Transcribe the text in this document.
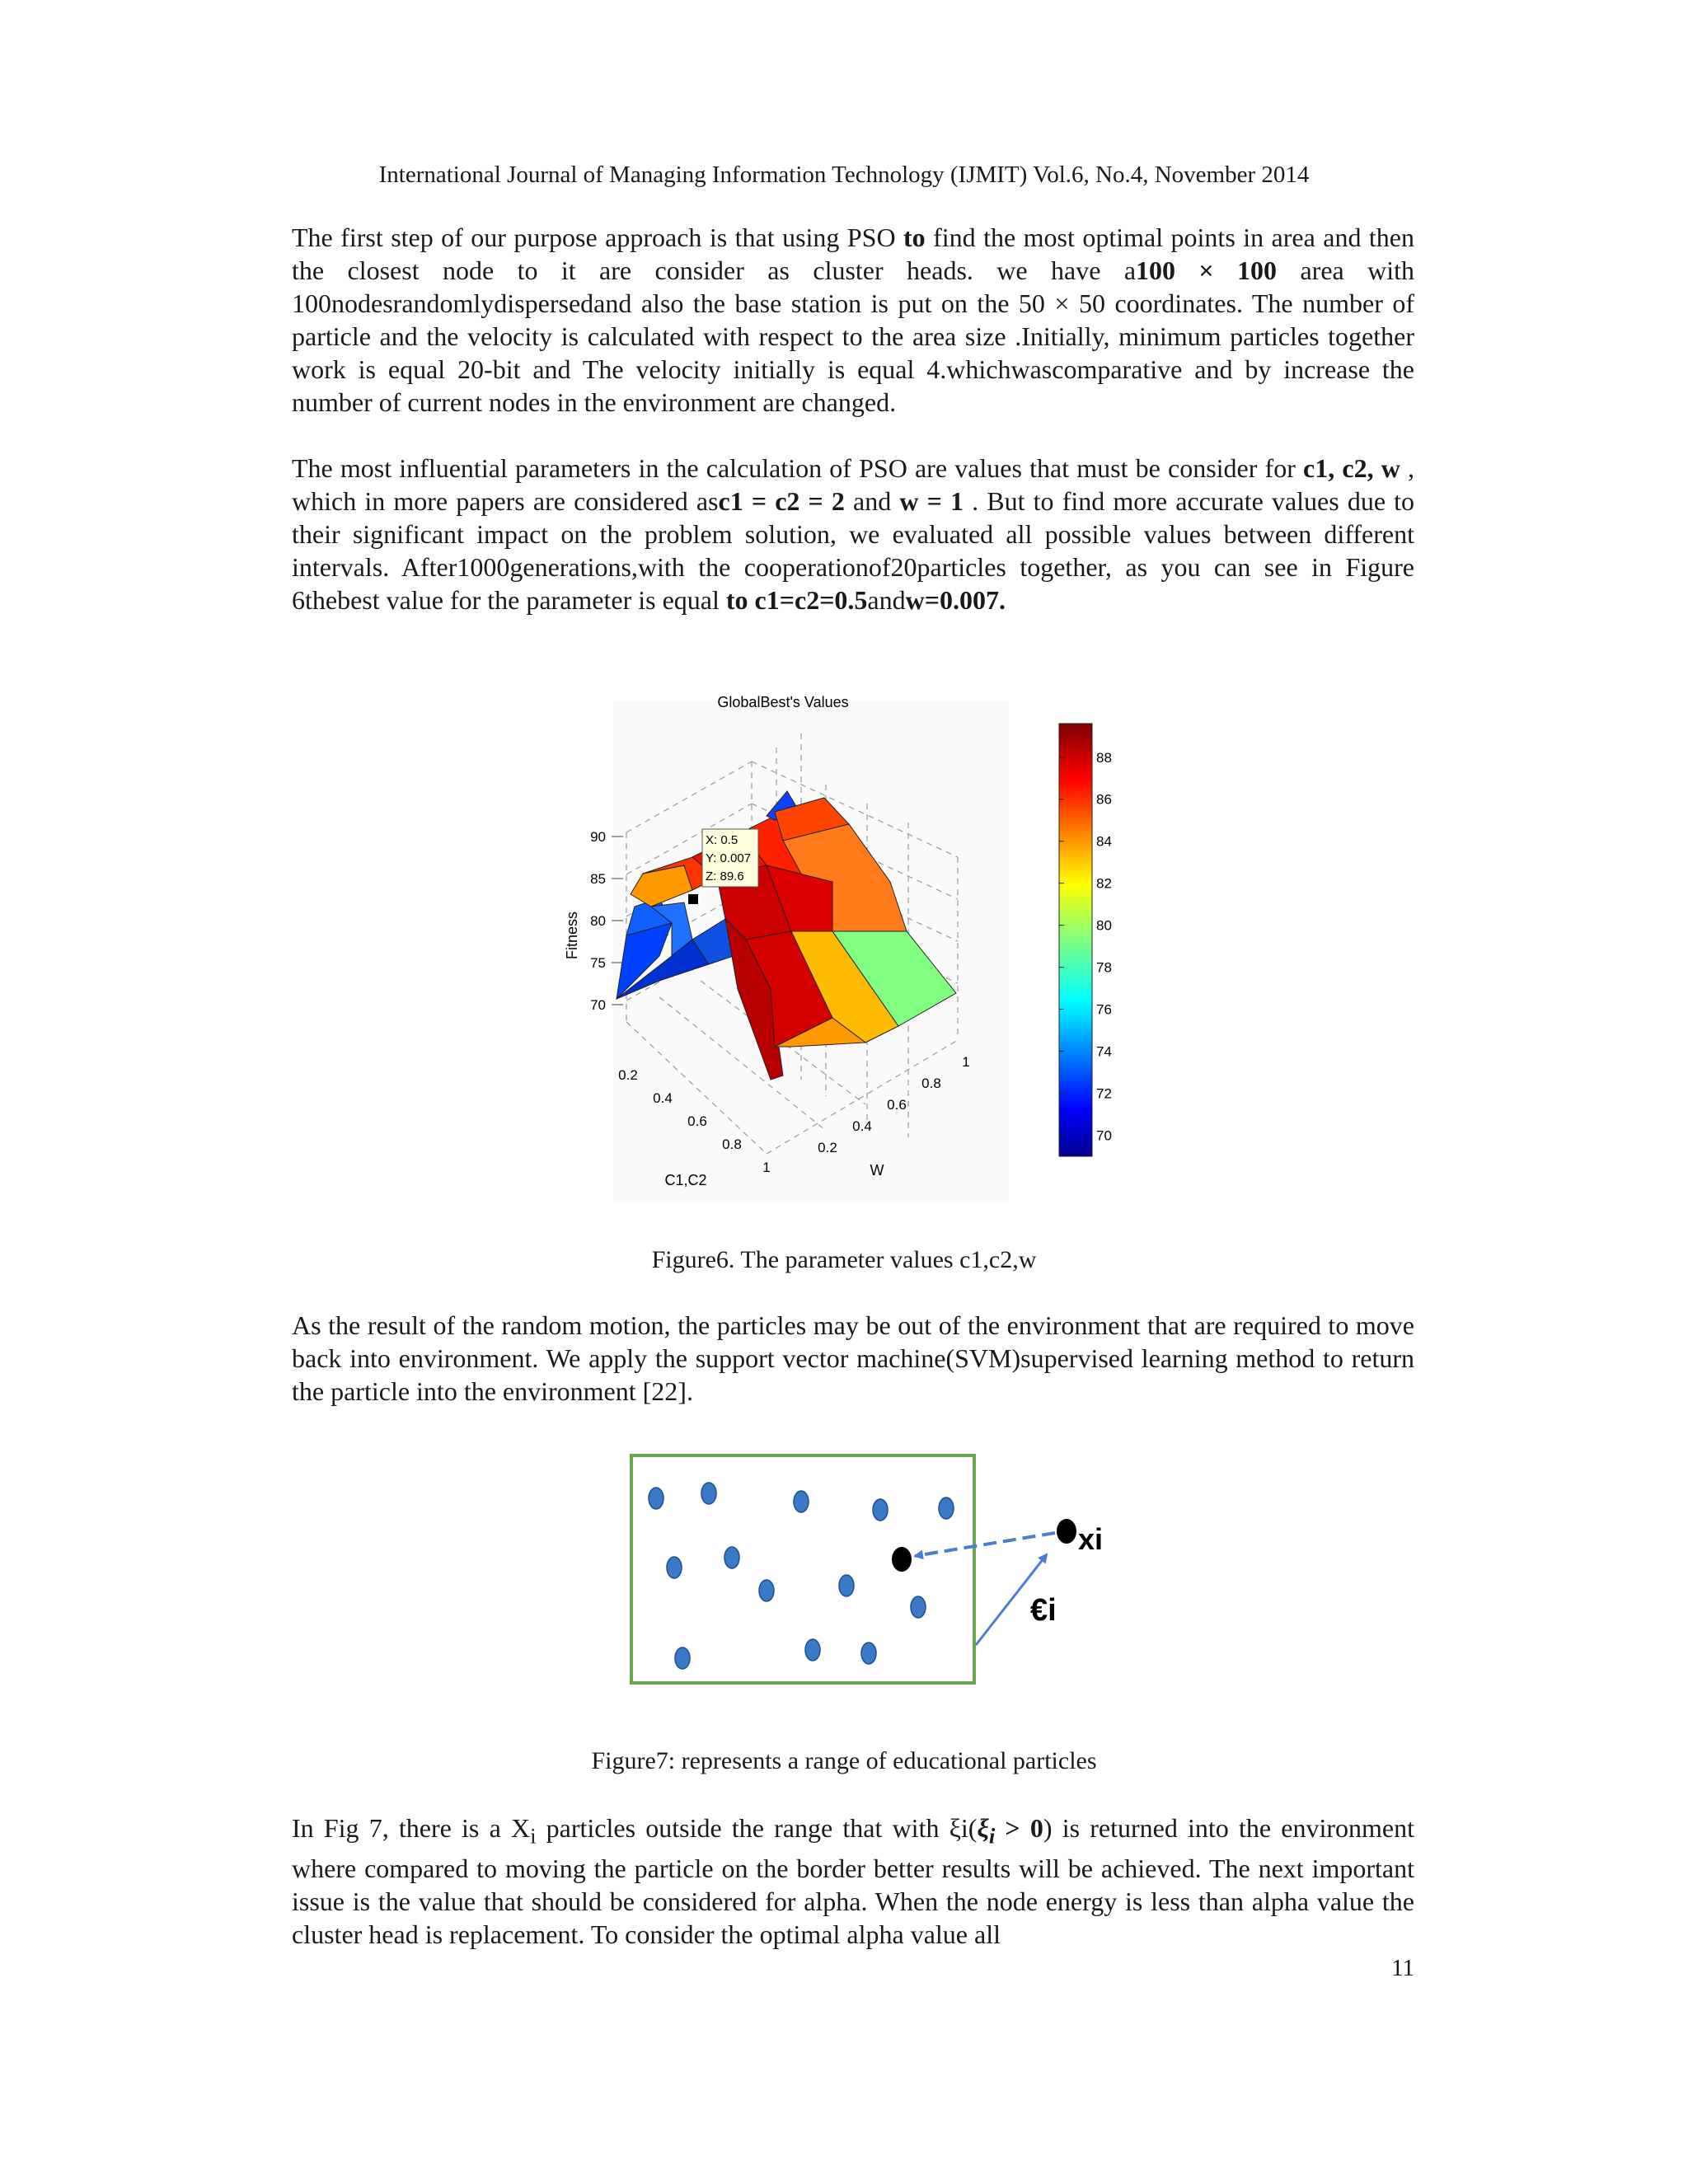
International Journal of Managing Information Technology (IJMIT) Vol.6, No.4, November 2014

The first step of our purpose approach is that using PSO to find the most optimal points in area and then the closest node to it are consider as cluster heads. we have a100 × 100 area with 100nodesrandomlydispersedand also the base station is put on the 50 × 50 coordinates. The number of particle and the velocity is calculated with respect to the area size .Initially, minimum particles together work is equal 20-bit and The velocity initially is equal 4.whichwascomparative and by increase the number of current nodes in the environment are changed.

The most influential parameters in the calculation of PSO are values that must be consider for c1, c2, w , which in more papers are considered asc1 = c2 = 2 and w = 1 . But to find more accurate values due to their significant impact on the problem solution, we evaluated all possible values between different intervals. After1000generations,with the cooperationof20particles together, as you can see in Figure 6thebest value for the parameter is equal to c1=c2=0.5andw=0.007.

GlobalBest's Values
X: 0.5
Y: 0.007
Z: 89.6
70
75
80
85
90
Fitness
0.2
0.4
0.6
0.8
1
C1,C2
0.2
0.4
0.6
0.8
1
W
70
72
74
76
78
80
82
84
86
88
Figure6. The parameter values c1,c2,w

As the result of the random motion, the particles may be out of the environment that are required to move back into environment. We apply the support vector machine(SVM)supervised learning method to return the particle into the environment [22].

xi
€i
Figure7: represents a range of educational particles

In Fig 7, there is a $X_i$ particles outside the range that with $\xi i(\xi_i > 0)$ is returned into the environment where compared to moving the particle on the border better results will be achieved. The next important issue is the value that should be considered for alpha. When the node energy is less than alpha value the cluster head is replacement. To consider the optimal alpha value all

11
